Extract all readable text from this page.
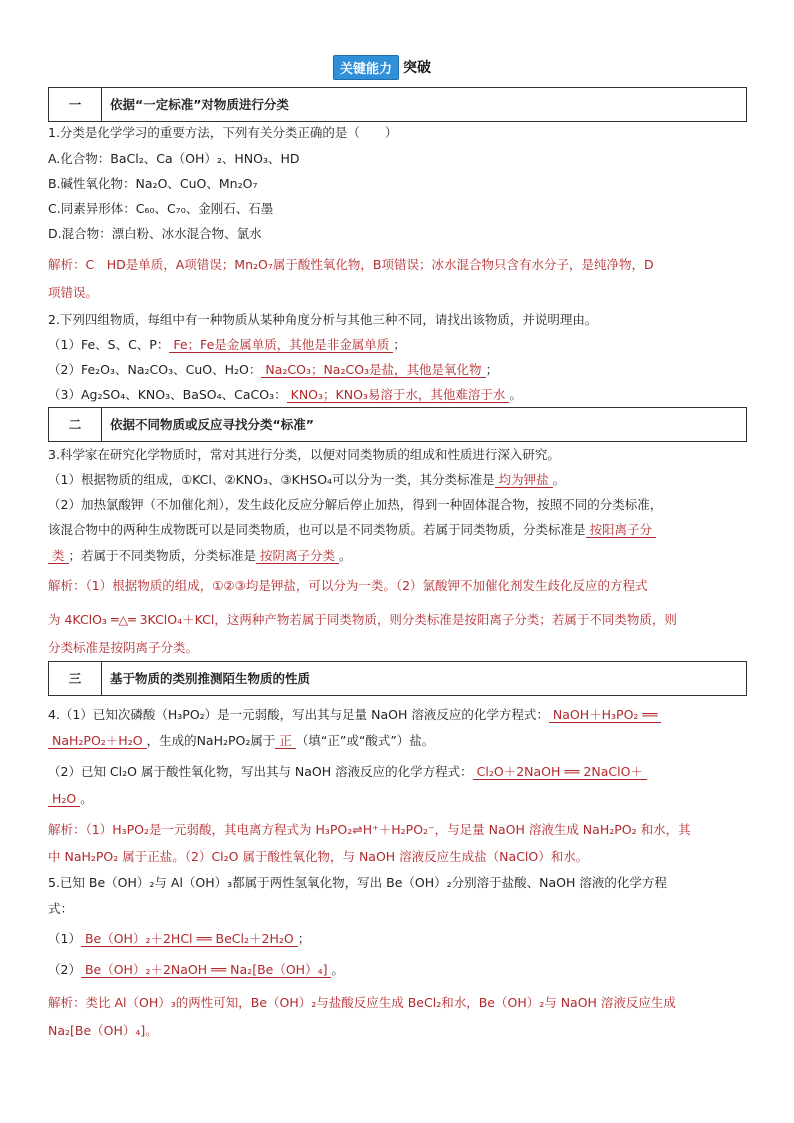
关键能力 突破
一	依据“一定标准”对物质进行分类
1.分类是化学学习的重要方法，下列有关分类正确的是（　　）
A.化合物：BaCl₂、Ca（OH）₂、HNO₃、HD
B.碱性氧化物：Na₂O、CuO、Mn₂O₇
C.同素异形体：C₆₀、C₇₀、金刚石、石墨
D.混合物：漂白粉、冰水混合物、氯水
解析：C　HD是单质，A项错误；Mn₂O₇属于酸性氧化物，B项错误；冰水混合物只含有水分子，是纯净物，D
项错误。
2.下列四组物质，每组中有一种物质从某种角度分析与其他三种不同，请找出该物质，并说明理由。
（1）Fe、S、C、P： Fe；Fe是金属单质，其他是非金属单质 ；
（2）Fe₂O₃、Na₂CO₃、CuO、H₂O： Na₂CO₃；Na₂CO₃是盐，其他是氧化物 ；
（3）Ag₂SO₄、KNO₃、BaSO₄、CaCO₃： KNO₃；KNO₃易溶于水，其他难溶于水 。
二	依据不同物质或反应寻找分类“标准”
3.科学家在研究化学物质时，常对其进行分类，以便对同类物质的组成和性质进行深入研究。
（1）根据物质的组成，①KCl、②KNO₃、③KHSO₄可以分为一类，其分类标准是 均为钾盐 。
（2）加热氯酸钾（不加催化剂），发生歧化反应分解后停止加热，得到一种固体混合物，按照不同的分类标准，
该混合物中的两种生成物既可以是同类物质，也可以是不同类物质。若属于同类物质，分类标准是 按阳离子分
类 ；若属于不同类物质，分类标准是 按阴离子分类 。
解析：（1）根据物质的组成，①②③均是钾盐，可以分为一类。（2）氯酸钾不加催化剂发生歧化反应的方程式
为 4KClO₃ ═△═ 3KClO₄＋KCl，这两种产物若属于同类物质，则分类标准是按阳离子分类；若属于不同类物质，则
分类标准是按阴离子分类。
三	基于物质的类别推测陌生物质的性质
4.（1）已知次磷酸（H₃PO₂）是一元弱酸，写出其与足量 NaOH 溶液反应的化学方程式： NaOH＋H₃PO₂ ══
NaH₂PO₂＋H₂O ，生成的NaH₂PO₂属于 正 （填“正”或“酸式”）盐。
（2）已知 Cl₂O 属于酸性氧化物，写出其与 NaOH 溶液反应的化学方程式： Cl₂O＋2NaOH ══ 2NaClO＋
H₂O 。
解析：（1）H₃PO₂是一元弱酸，其电离方程式为 H₃PO₂⇌H⁺＋H₂PO₂⁻，与足量 NaOH 溶液生成 NaH₂PO₂ 和水，其
中 NaH₂PO₂ 属于正盐。（2）Cl₂O 属于酸性氧化物，与 NaOH 溶液反应生成盐（NaClO）和水。
5.已知 Be（OH）₂与 Al（OH）₃都属于两性氢氧化物，写出 Be（OH）₂分别溶于盐酸、NaOH 溶液的化学方程
式：
（1） Be（OH）₂＋2HCl ══ BeCl₂＋2H₂O ；
（2） Be（OH）₂＋2NaOH ══ Na₂[Be（OH）₄] 。
解析：类比 Al（OH）₃的两性可知，Be（OH）₂与盐酸反应生成 BeCl₂和水，Be（OH）₂与 NaOH 溶液反应生成
Na₂[Be（OH）₄]。
